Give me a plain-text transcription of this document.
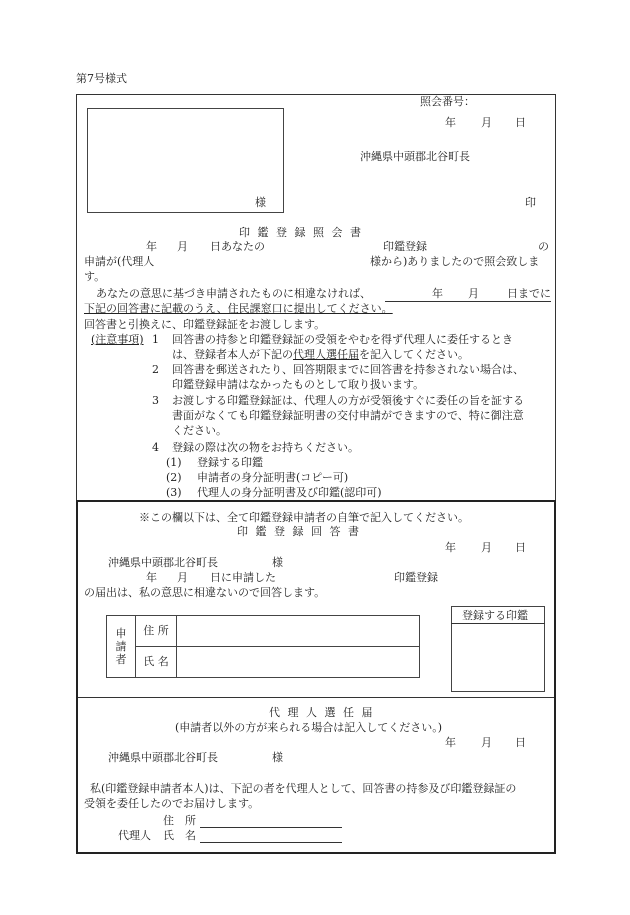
第7号様式
照会番号：
年 月 日
沖縄県中頭郡北谷町長
様	印
印 鑑 登 録 照 会 書
年 月 日あなたの	印鑑登録	の
申請が(代理人	様から)ありましたので照会致しま
す。
あなたの意思に基づき申請されたものに相違なければ、	年 月	日までに
下記の回答書に記載のうえ、住民課窓口に提出してください。
回答書と引換えに、印鑑登録証をお渡しします。
(注意事項) 1 回答書の持参と印鑑登録証の受領をやむを得ず代理人に委任するとき
は、登録者本人が下記の代理人選任届を記入してください。
2 回答書を郵送されたり、回答期限までに回答書を持参されない場合は、
印鑑登録申請はなかったものとして取り扱います。
3 お渡しする印鑑登録証は、代理人の方が受領後すぐに委任の旨を証する
書面がなくても印鑑登録証明書の交付申請ができますので、特に御注意
ください。
4 登録の際は次の物をお持ちください。
(1) 登録する印鑑
(2) 申請者の身分証明書(コピー可)
(3) 代理人の身分証明書及び印鑑(認印可)
※この欄以下は、全て印鑑登録申請者の自筆で記入してください。
印 鑑 登 録 回 答 書
年 月 日
沖縄県中頭郡北谷町長	様
年 月 日に申請した	印鑑登録
の届出は、私の意思に相違ないので回答します。
申請者	住 所	
	氏 名	
登録する印鑑
代 理 人 選 任 届
(申請者以外の方が来られる場合は記入してください。)
年 月 日
沖縄県中頭郡北谷町長	様
私(印鑑登録申請者本人)は、下記の者を代理人として、回答書の持参及び印鑑登録証の
受領を委任したのでお届けします。
住　所
代理人 氏　名
